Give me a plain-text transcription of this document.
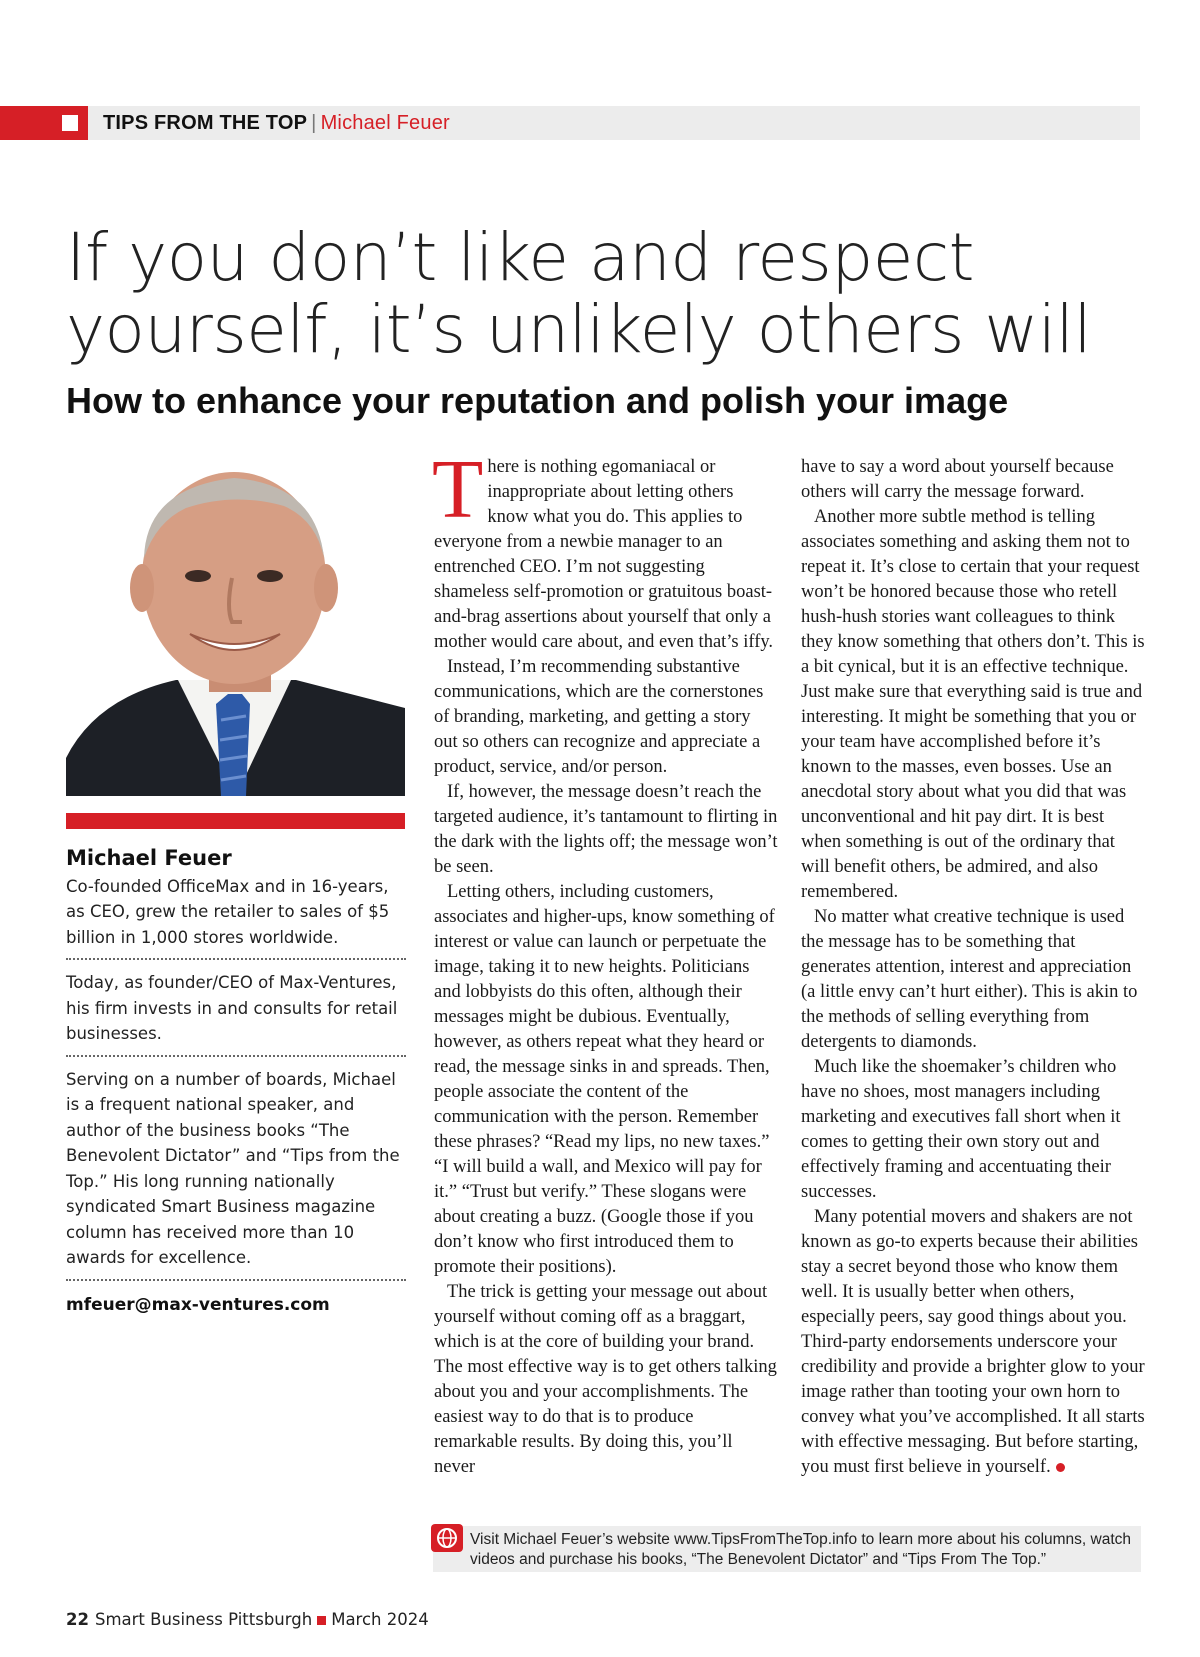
TIPS FROM THE TOP | Michael Feuer
If you don’t like and respect
yourself, it’s unlikely others will
How to enhance your reputation and polish your image

Michael Feuer

Co-founded OfficeMax and in 16-years, as CEO, grew the retailer to sales of $5 billion in 1,000 stores worldwide.

Today, as founder/CEO of Max-Ventures, his firm invests in and consults for retail businesses.

Serving on a number of boards, Michael is a frequent national speaker, and author of the business books “The Benevolent Dictator” and “Tips from the Top.” His long running nationally syndicated Smart Business magazine column has received more than 10 awards for excellence.

mfeuer@max-ventures.com

There is nothing egomaniacal or inappropriate about letting others know what you do. This applies to everyone from a newbie manager to an entrenched CEO. I’m not suggesting shameless self-promotion or gratuitous boast-and-brag assertions about yourself that only a mother would care about, and even that’s iffy.

Instead, I’m recommending substantive communications, which are the cornerstones of branding, marketing, and getting a story out so others can recognize and appreciate a product, service, and/or person.

If, however, the message doesn’t reach the targeted audience, it’s tantamount to flirting in the dark with the lights off; the message won’t be seen.

Letting others, including customers, associates and higher-ups, know something of interest or value can launch or perpetuate the image, taking it to new heights. Politicians and lobbyists do this often, although their messages might be dubious. Eventually, however, as others repeat what they heard or read, the message sinks in and spreads. Then, people associate the content of the communication with the person. Remember these phrases? “Read my lips, no new taxes.” “I will build a wall, and Mexico will pay for it.” “Trust but verify.” These slogans were about creating a buzz. (Google those if you don’t know who first introduced them to promote their positions).

The trick is getting your message out about yourself without coming off as a braggart, which is at the core of building your brand. The most effective way is to get others talking about you and your accomplishments. The easiest way to do that is to produce remarkable results. By doing this, you’ll never

have to say a word about yourself because others will carry the message forward.

Another more subtle method is telling associates something and asking them not to repeat it. It’s close to certain that your request won’t be honored because those who retell hush-hush stories want colleagues to think they know something that others don’t. This is a bit cynical, but it is an effective technique. Just make sure that everything said is true and interesting. It might be something that you or your team have accomplished before it’s known to the masses, even bosses. Use an anecdotal story about what you did that was unconventional and hit pay dirt. It is best when something is out of the ordinary that will benefit others, be admired, and also remembered.

No matter what creative technique is used the message has to be something that generates attention, interest and appreciation (a little envy can’t hurt either). This is akin to the methods of selling everything from detergents to diamonds.

Much like the shoemaker’s children who have no shoes, most managers including marketing and executives fall short when it comes to getting their own story out and effectively framing and accentuating their successes.

Many potential movers and shakers are not known as go-to experts because their abilities stay a secret beyond those who know them well. It is usually better when others, especially peers, say good things about you. Third-party endorsements underscore your credibility and provide a brighter glow to your image rather than tooting your own horn to convey what you’ve accomplished. It all starts with effective messaging. But before starting, you must first believe in yourself.

Visit Michael Feuer’s website www.TipsFromTheTop.info to learn more about his columns, watch videos and purchase his books, “The Benevolent Dictator” and “Tips From The Top.”
22 Smart Business Pittsburgh March 2024
